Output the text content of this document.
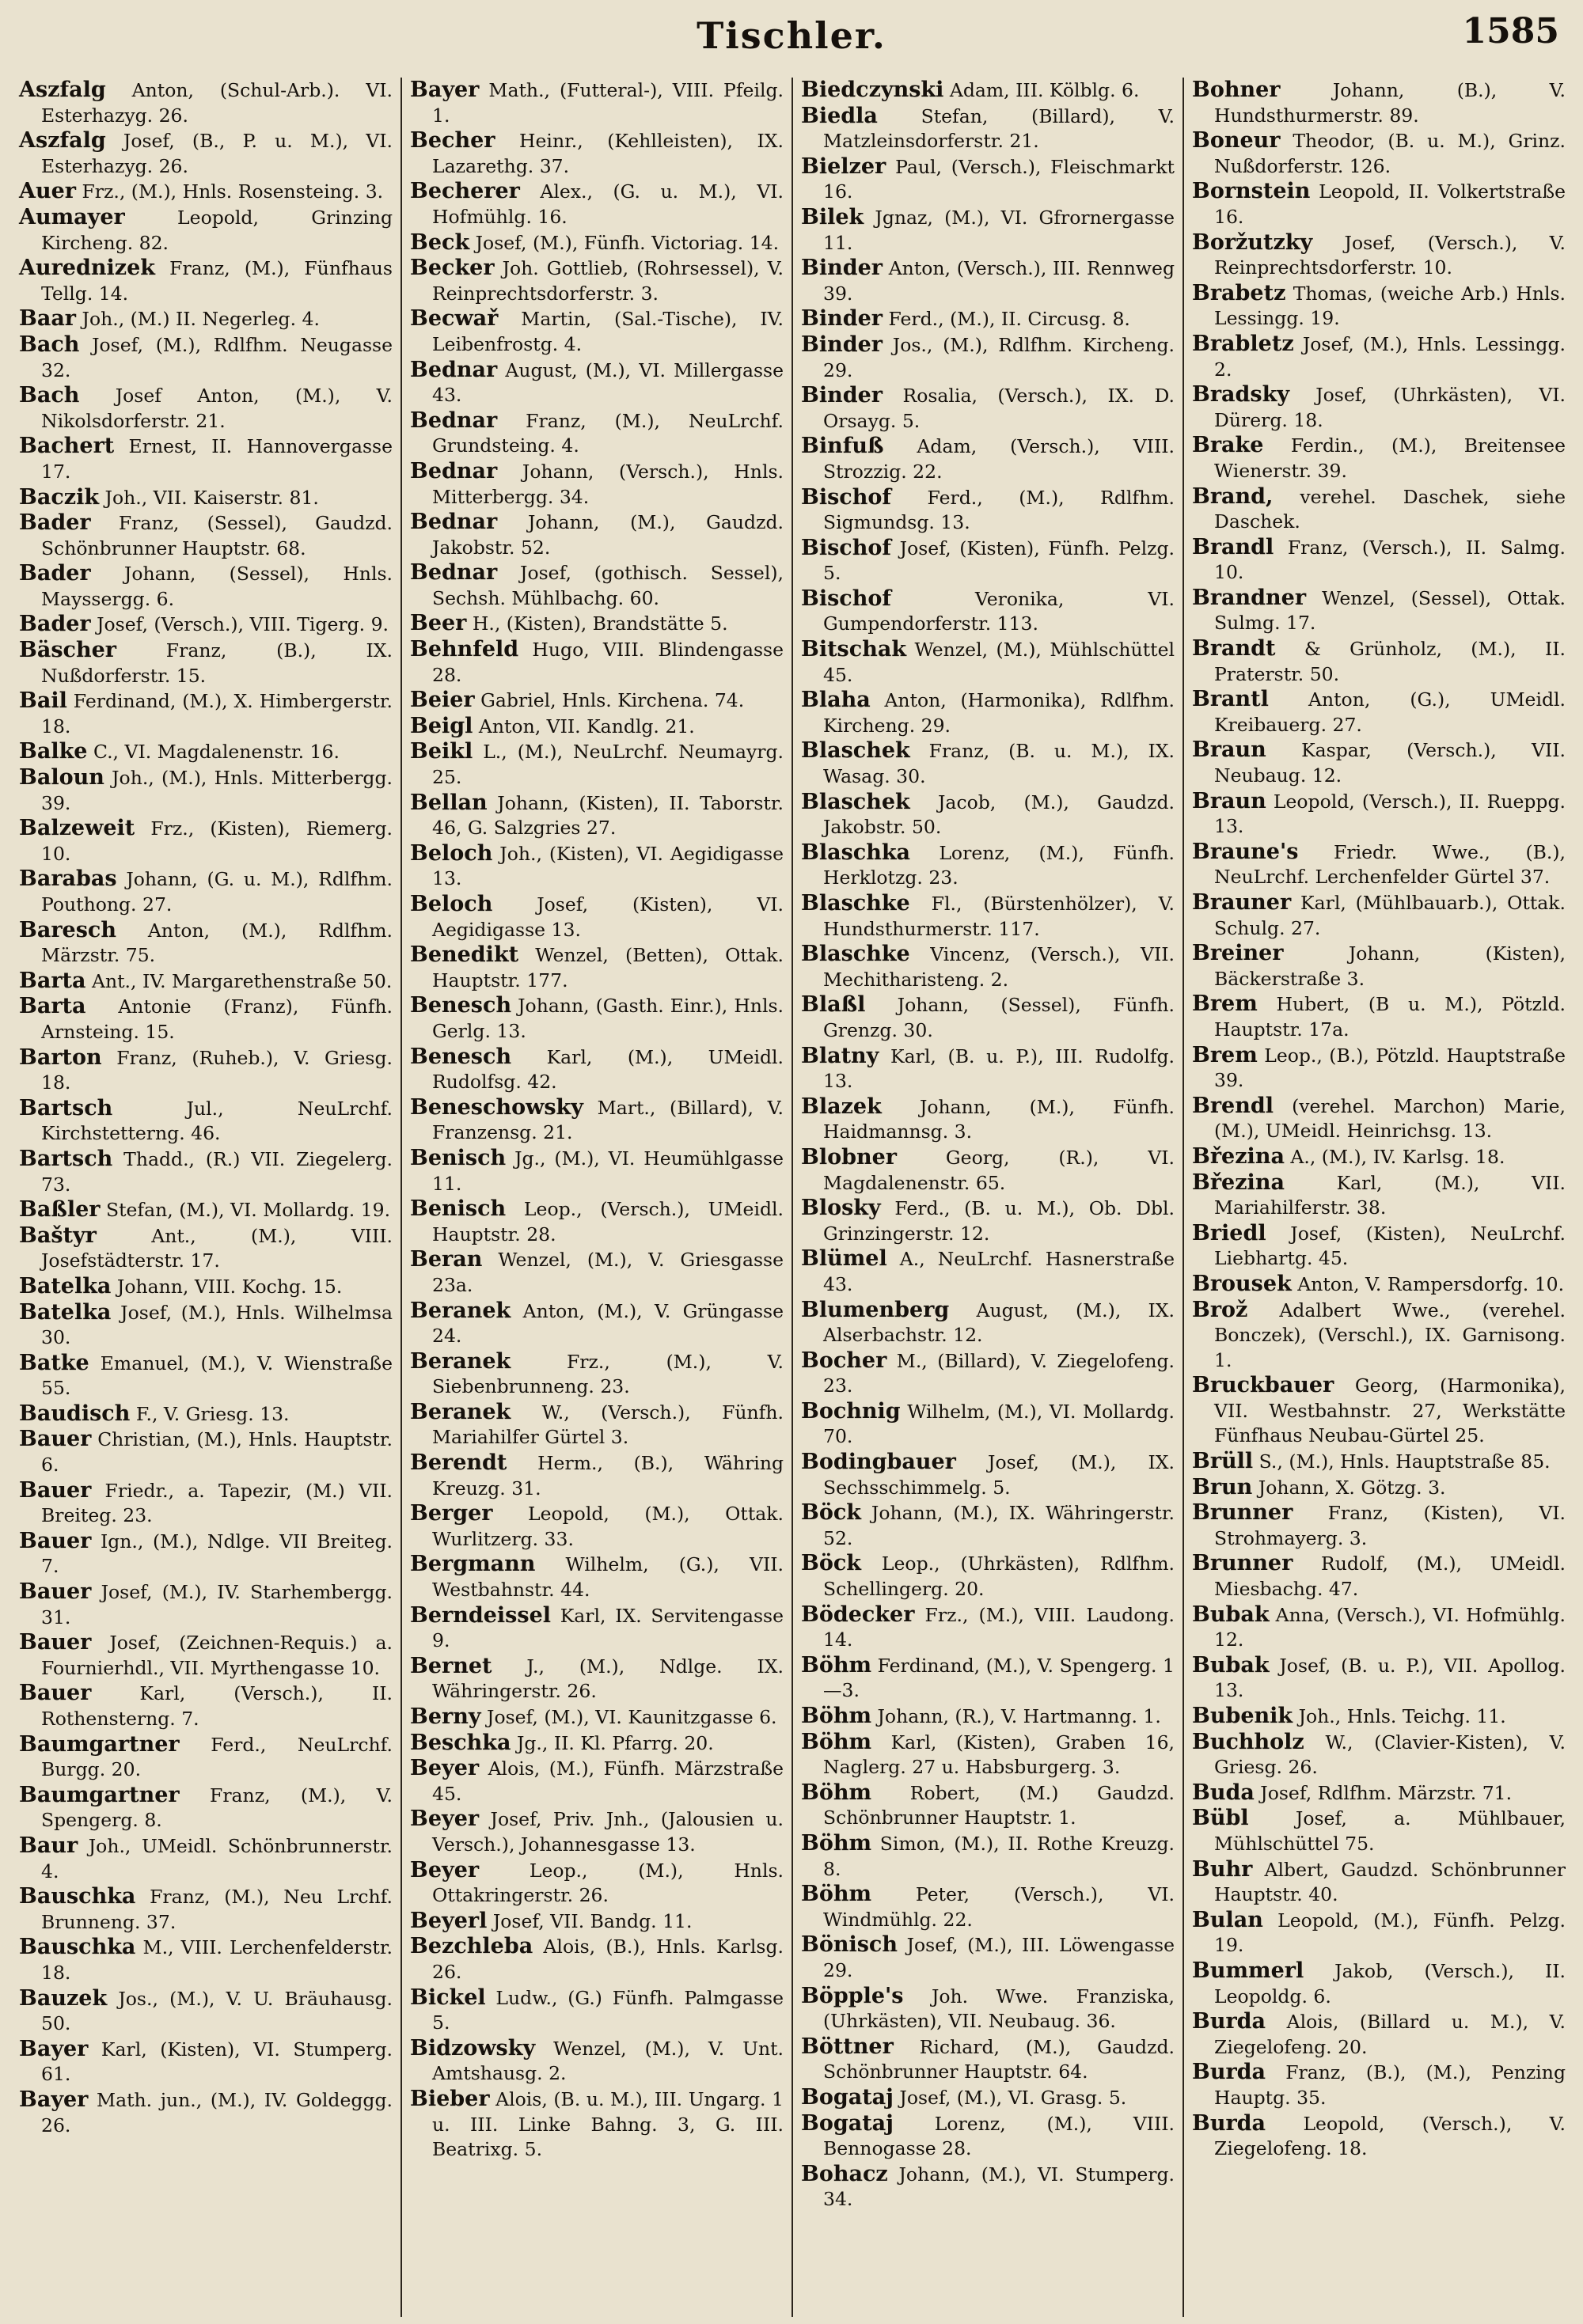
Tischler.	1585
Aszfalg Anton, (Schul-Arb.). VI. Esterhazyg. 26.
Aszfalg Josef, (B., P. u. M.), VI. Esterhazyg. 26.
Auer Frz., (M.), Hnls. Rosensteing. 3.
Aumayer Leopold, Grinzing Kircheng. 82.
Aurednizek Franz, (M.), Fünfhaus Tellg. 14.
Baar Joh., (M.) II. Negerleg. 4.
Bach Josef, (M.), Rdlfhm. Neugasse 32.
Bach Josef Anton, (M.), V. Nikolsdorferstr. 21.
Bachert Ernest, II. Hannovergasse 17.
Baczik Joh., VII. Kaiserstr. 81.
Bader Franz, (Sessel), Gaudzd. Schönbrunner Hauptstr. 68.
Bader Johann, (Sessel), Hnls. Mayssergg. 6.
Bader Josef, (Versch.), VIII. Tigerg. 9.
Bäscher Franz, (B.), IX. Nußdorferstr. 15.
Bail Ferdinand, (M.), X. Himbergerstr. 18.
Balke C., VI. Magdalenenstr. 16.
Baloun Joh., (M.), Hnls. Mitterbergg. 39.
Balzeweit Frz., (Kisten), Riemerg. 10.
Barabas Johann, (G. u. M.), Rdlfhm. Pouthong. 27.
Baresch Anton, (M.), Rdlfhm. Märzstr. 75.
Barta Ant., IV. Margarethenstraße 50.
Barta Antonie (Franz), Fünfh. Arnsteing. 15.
Barton Franz, (Ruheb.), V. Griesg. 18.
Bartsch Jul., NeuLrchf. Kirchstetterng. 46.
Bartsch Thadd., (R.) VII. Ziegelerg. 73.
Baßler Stefan, (M.), VI. Mollardg. 19.
Baštyr Ant., (M.), VIII. Josefstädterstr. 17.
Batelka Johann, VIII. Kochg. 15.
Batelka Josef, (M.), Hnls. Wilhelmsa 30.
Batke Emanuel, (M.), V. Wienstraße 55.
Baudisch F., V. Griesg. 13.
Bauer Christian, (M.), Hnls. Hauptstr. 6.
Bauer Friedr., a. Tapezir, (M.) VII. Breiteg. 23.
Bauer Ign., (M.), Ndlge. VII Breiteg. 7.
Bauer Josef, (M.), IV. Starhembergg. 31.
Bauer Josef, (Zeichnen-Requis.) a. Fournierhdl., VII. Myrthengasse 10.
Bauer Karl, (Versch.), II. Rothensterng. 7.
Baumgartner Ferd., NeuLrchf. Burgg. 20.
Baumgartner Franz, (M.), V. Spengerg. 8.
Baur Joh., UMeidl. Schönbrunnerstr. 4.
Bauschka Franz, (M.), Neu Lrchf. Brunneng. 37.
Bauschka M., VIII. Lerchenfelderstr. 18.
Bauzek Jos., (M.), V. U. Bräuhausg. 50.
Bayer Karl, (Kisten), VI. Stumperg. 61.
Bayer Math. jun., (M.), IV. Goldeggg. 26.
Bayer Math., (Futteral-), VIII. Pfeilg. 1.
Becher Heinr., (Kehlleisten), IX. Lazarethg. 37.
Becherer Alex., (G. u. M.), VI. Hofmühlg. 16.
Beck Josef, (M.), Fünfh. Victoriag. 14.
Becker Joh. Gottlieb, (Rohrsessel), V. Reinprechtsdorferstr. 3.
Becwař Martin, (Sal.-Tische), IV. Leibenfrostg. 4.
Bednar August, (M.), VI. Millergasse 43.
Bednar Franz, (M.), NeuLrchf. Grundsteing. 4.
Bednar Johann, (Versch.), Hnls. Mitterbergg. 34.
Bednar Johann, (M.), Gaudzd. Jakobstr. 52.
Bednar Josef, (gothisch. Sessel), Sechsh. Mühlbachg. 60.
Beer H., (Kisten), Brandstätte 5.
Behnfeld Hugo, VIII. Blindengasse 28.
Beier Gabriel, Hnls. Kirchenа. 74.
Beigl Anton, VII. Kandlg. 21.
Beikl L., (M.), NeuLrchf. Neumayrg. 25.
Bellan Johann, (Kisten), II. Taborstr. 46, G. Salzgries 27.
Beloch Joh., (Kisten), VI. Aegidigasse 13.
Beloch Josef, (Kisten), VI. Aegidigasse 13.
Benedikt Wenzel, (Betten), Ottak. Hauptstr. 177.
Benesch Johann, (Gasth. Einr.), Hnls. Gerlg. 13.
Benesch Karl, (M.), UMeidl. Rudolfsg. 42.
Beneschowsky Mart., (Billard), V. Franzensg. 21.
Benisch Jg., (M.), VI. Heumühlgasse 11.
Benisch Leop., (Versch.), UMeidl. Hauptstr. 28.
Beran Wenzel, (M.), V. Griesgasse 23a.
Beranek Anton, (M.), V. Grüngasse 24.
Beranek Frz., (M.), V. Siebenbrunneng. 23.
Beranek W., (Versch.), Fünfh. Mariahilfer Gürtel 3.
Berendt Herm., (B.), Währing Kreuzg. 31.
Berger Leopold, (M.), Ottak. Wurlitzerg. 33.
Bergmann Wilhelm, (G.), VII. Westbahnstr. 44.
Berndeissel Karl, IX. Servitengasse 9.
Bernet J., (M.), Ndlge. IX. Währingerstr. 26.
Berny Josef, (M.), VI. Kaunitzgasse 6.
Beschka Jg., II. Kl. Pfarrg. 20.
Beyer Alois, (M.), Fünfh. Märzstraße 45.
Beyer Josef, Priv. Jnh., (Jalousien u. Versch.), Johannesgasse 13.
Beyer Leop., (M.), Hnls. Ottakringerstr. 26.
Beyerl Josef, VII. Bandg. 11.
Bezchleba Alois, (B.), Hnls. Karlsg. 26.
Bickel Ludw., (G.) Fünfh. Palmgasse 5.
Bidzowsky Wenzel, (M.), V. Unt. Amtshausg. 2.
Bieber Alois, (B. u. M.), III. Ungarg. 1 u. III. Linke Bahng. 3, G. III. Beatrixg. 5.
Biedczynski Adam, III. Kölblg. 6.
Biedla Stefan, (Billard), V. Matzleinsdorferstr. 21.
Bielzer Paul, (Versch.), Fleischmarkt 16.
Bilek Jgnaz, (M.), VI. Gfrornergasse 11.
Binder Anton, (Versch.), III. Rennweg 39.
Binder Ferd., (M.), II. Circusg. 8.
Binder Jos., (M.), Rdlfhm. Kircheng. 29.
Binder Rosalia, (Versch.), IX. D. Orsayg. 5.
Binfuß Adam, (Versch.), VIII. Strozzig. 22.
Bischof Ferd., (M.), Rdlfhm. Sigmundsg. 13.
Bischof Josef, (Kisten), Fünfh. Pelzg. 5.
Bischof Veronika, VI. Gumpendorferstr. 113.
Bitschak Wenzel, (M.), Mühlschüttel 45.
Blaha Anton, (Harmonika), Rdlfhm. Kircheng. 29.
Blaschek Franz, (B. u. M.), IX. Wasag. 30.
Blaschek Jacob, (M.), Gaudzd. Jakobstr. 50.
Blaschka Lorenz, (M.), Fünfh. Herklotzg. 23.
Blaschke Fl., (Bürstenhölzer), V. Hundsthurmerstr. 117.
Blaschke Vincenz, (Versch.), VII. Mechitharisteng. 2.
Blaßl Johann, (Sessel), Fünfh. Grenzg. 30.
Blatny Karl, (B. u. P.), III. Rudolfg. 13.
Blazek Johann, (M.), Fünfh. Haidmannsg. 3.
Blobner Georg, (R.), VI. Magdalenenstr. 65.
Blosky Ferd., (B. u. M.), Ob. Dbl. Grinzingerstr. 12.
Blümel A., NeuLrchf. Hasnerstraße 43.
Blumenberg August, (M.), IX. Alserbachstr. 12.
Bocher M., (Billard), V. Ziegelofeng. 23.
Bochnig Wilhelm, (M.), VI. Mollardg. 70.
Bodingbauer Josef, (M.), IX. Sechsschimmelg. 5.
Böck Johann, (M.), IX. Währingerstr. 52.
Böck Leop., (Uhrkästen), Rdlfhm. Schellingerg. 20.
Bödecker Frz., (M.), VIII. Laudong. 14.
Böhm Ferdinand, (M.), V. Spengerg. 1—3.
Böhm Johann, (R.), V. Hartmanng. 1.
Böhm Karl, (Kisten), Graben 16, Naglerg. 27 u. Habsburgerg. 3.
Böhm Robert, (M.) Gaudzd. Schönbrunner Hauptstr. 1.
Böhm Simon, (M.), II. Rothe Kreuzg. 8.
Böhm Peter, (Versch.), VI. Windmühlg. 22.
Bönisch Josef, (M.), III. Löwengasse 29.
Böpple's Joh. Wwe. Franziska, (Uhrkästen), VII. Neubaug. 36.
Böttner Richard, (M.), Gaudzd. Schönbrunner Hauptstr. 64.
Bogataj Josef, (M.), VI. Grasg. 5.
Bogataj Lorenz, (M.), VIII. Bennogasse 28.
Bohacz Johann, (M.), VI. Stumperg. 34.
Bohner Johann, (B.), V. Hundsthurmerstr. 89.
Boneur Theodor, (B. u. M.), Grinz. Nußdorferstr. 126.
Bornstein Leopold, II. Volkertstraße 16.
Boržutzky Josef, (Versch.), V. Reinprechtsdorferstr. 10.
Brabetz Thomas, (weiche Arb.) Hnls. Lessingg. 19.
Brabletz Josef, (M.), Hnls. Lessingg. 2.
Bradsky Josef, (Uhrkästen), VI. Dürerg. 18.
Brake Ferdin., (M.), Breitensee Wienerstr. 39.
Brand, verehel. Daschek, siehe Daschek.
Brandl Franz, (Versch.), II. Salmg. 10.
Brandner Wenzel, (Sessel), Ottak. Sulmg. 17.
Brandt & Grünholz, (M.), II. Praterstr. 50.
Brantl Anton, (G.), UMeidl. Kreibauerg. 27.
Braun Kaspar, (Versch.), VII. Neubaug. 12.
Braun Leopold, (Versch.), II. Rueppg. 13.
Braune's Friedr. Wwe., (B.), NeuLrchf. Lerchenfelder Gürtel 37.
Brauner Karl, (Mühlbauarb.), Ottak. Schulg. 27.
Breiner Johann, (Kisten), Bäckerstraße 3.
Brem Hubert, (B u. M.), Pötzld. Hauptstr. 17a.
Brem Leop., (B.), Pötzld. Hauptstraße 39.
Brendl (verehel. Marchon) Marie, (M.), UMeidl. Heinrichsg. 13.
Březina A., (M.), IV. Karlsg. 18.
Březina Karl, (M.), VII. Mariahilferstr. 38.
Briedl Josef, (Kisten), NeuLrchf. Liebhartg. 45.
Brousek Anton, V. Rampersdorfg. 10.
Brož Adalbert Wwe., (verehel. Bonczek), (Verschl.), IX. Garnisong. 1.
Bruckbauer Georg, (Harmonika), VII. Westbahnstr. 27, Werkstätte Fünfhaus Neubau-Gürtel 25.
Brüll S., (M.), Hnls. Hauptstraße 85.
Brun Johann, X. Götzg. 3.
Brunner Franz, (Kisten), VI. Strohmayerg. 3.
Brunner Rudolf, (M.), UMeidl. Miesbachg. 47.
Bubak Anna, (Versch.), VI. Hofmühlg. 12.
Bubak Josef, (B. u. P.), VII. Apollog. 13.
Bubenik Joh., Hnls. Teichg. 11.
Buchholz W., (Clavier-Kisten), V. Griesg. 26.
Buda Josef, Rdlfhm. Märzstr. 71.
Bübl Josef, a. Mühlbauer, Mühlschüttel 75.
Buhr Albert, Gaudzd. Schönbrunner Hauptstr. 40.
Bulan Leopold, (M.), Fünfh. Pelzg. 19.
Bummerl Jakob, (Versch.), II. Leopoldg. 6.
Burda Alois, (Billard u. M.), V. Ziegelofeng. 20.
Burda Franz, (B.), (M.), Penzing Hauptg. 35.
Burda Leopold, (Versch.), V. Ziegelofeng. 18.
